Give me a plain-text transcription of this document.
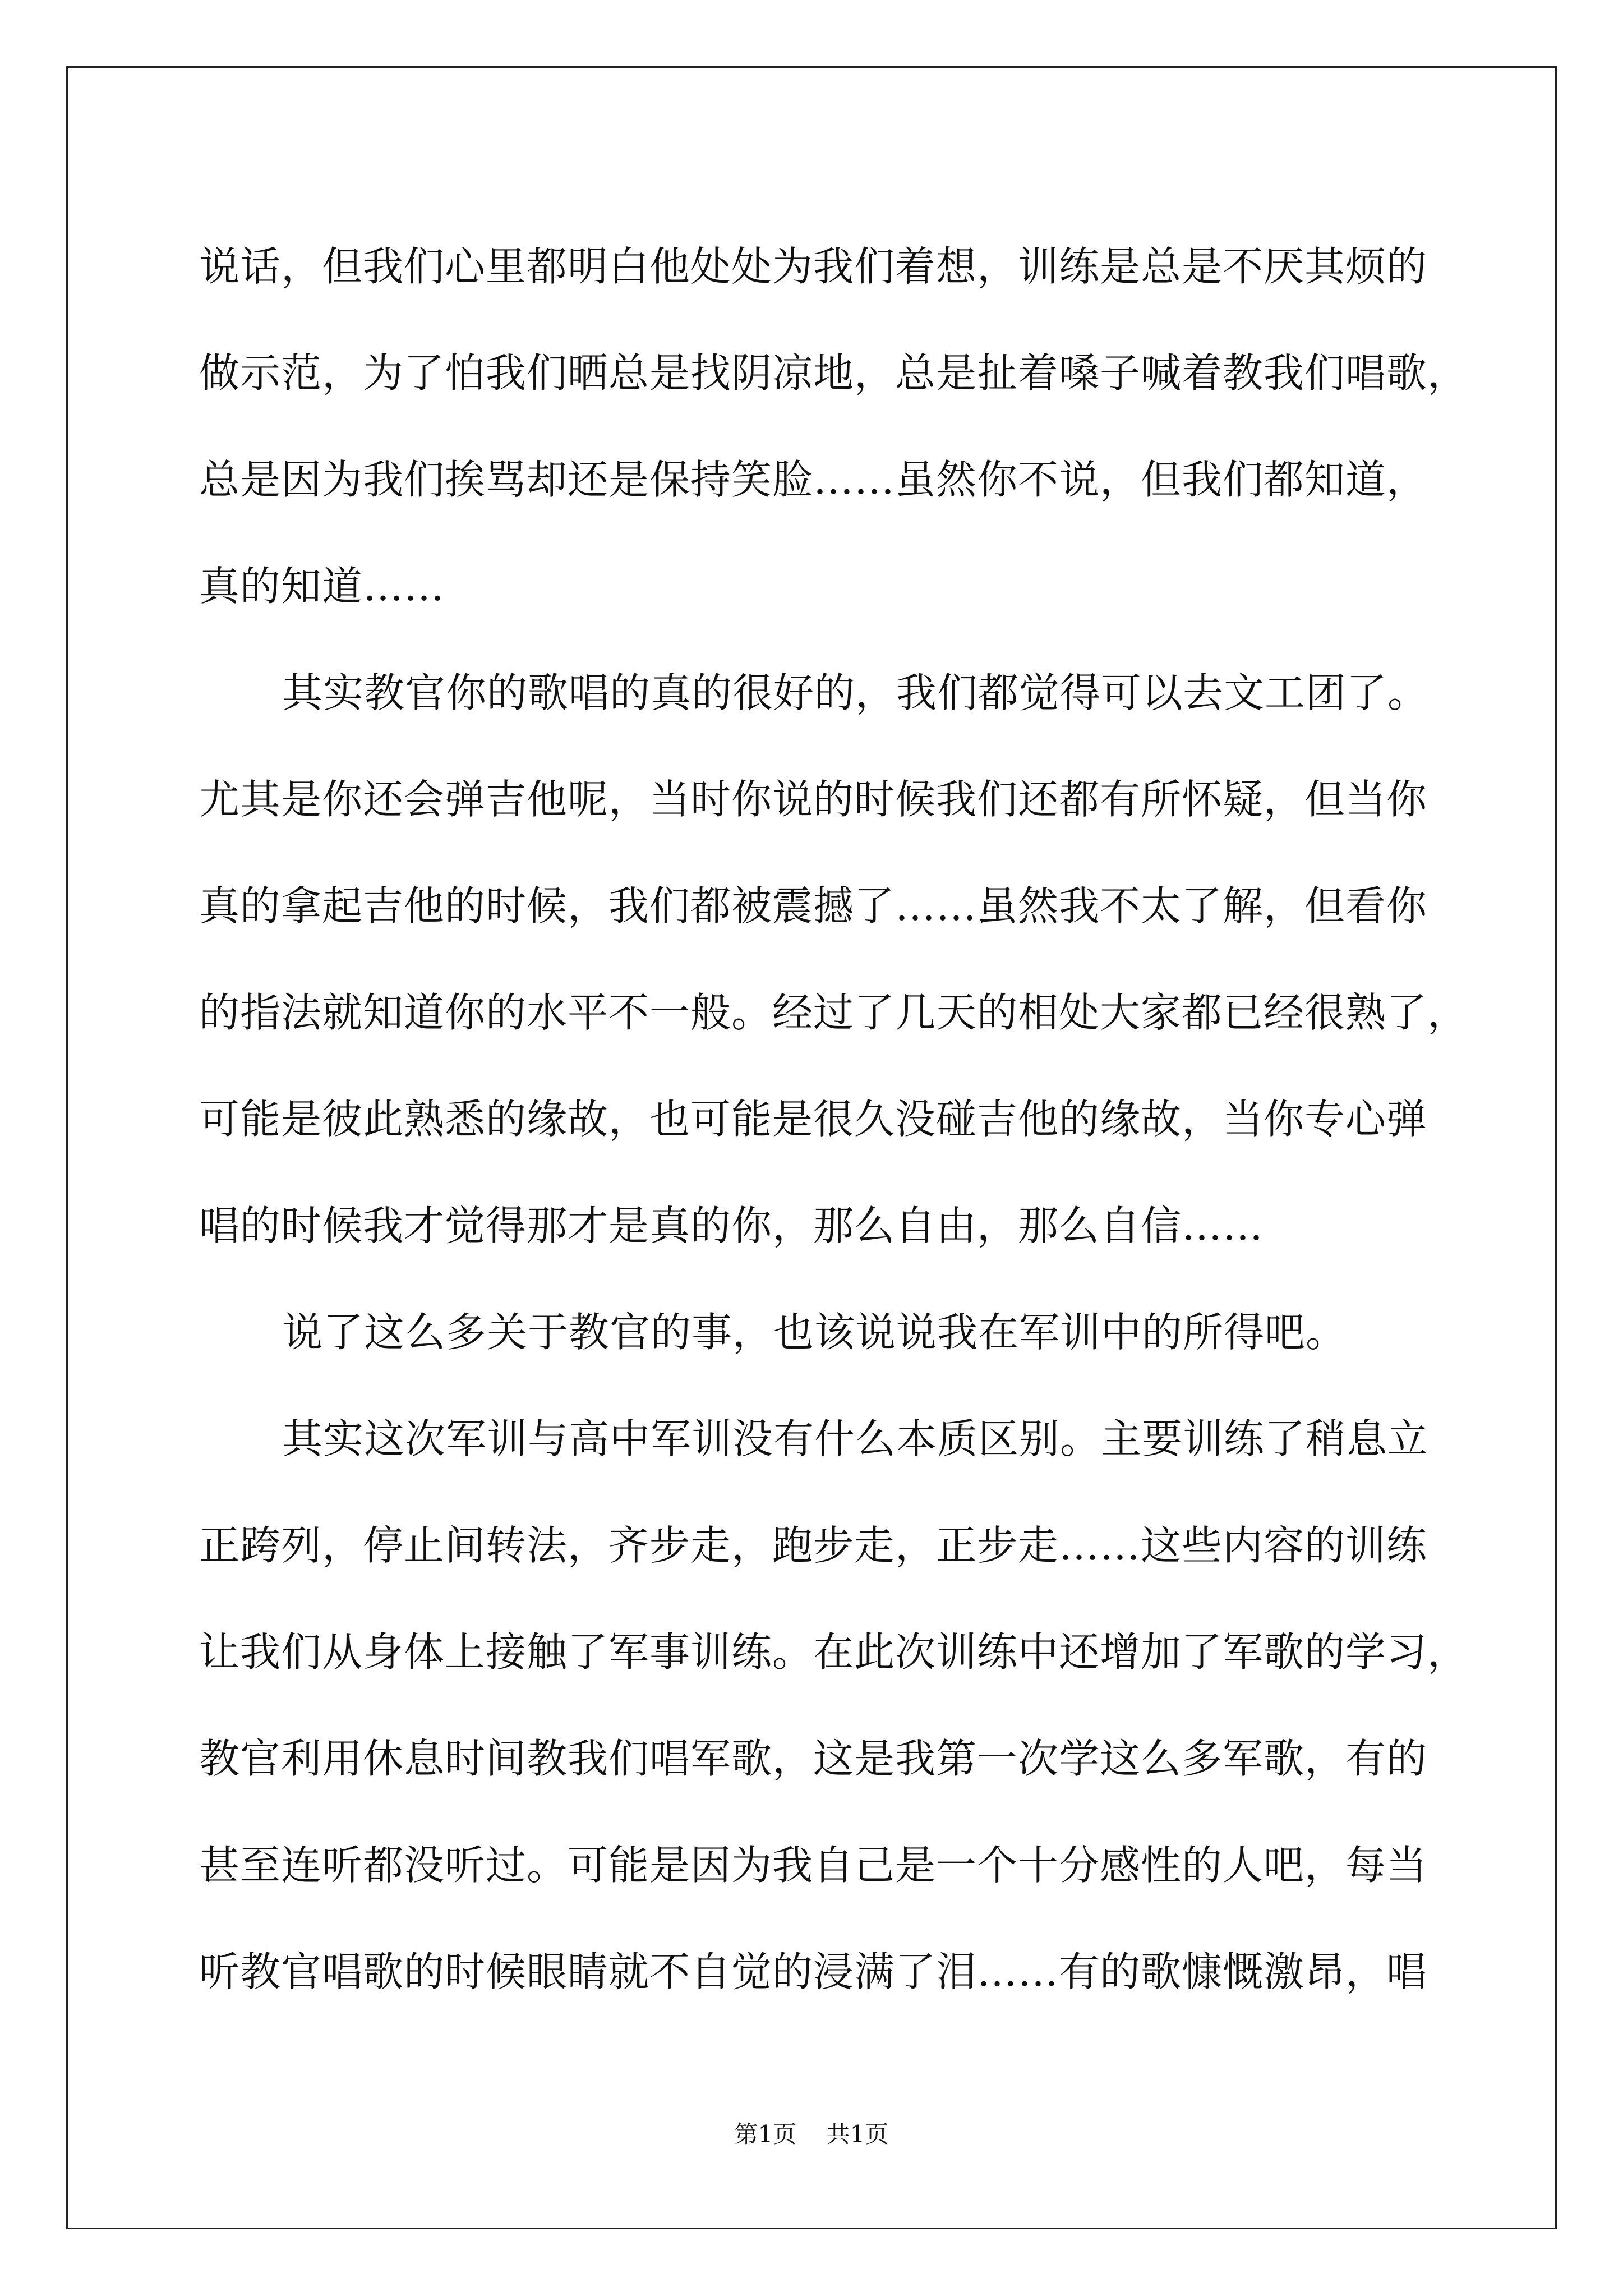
说话，但我们心里都明白他处处为我们着想，训练是总是不厌其烦的
做示范，为了怕我们晒总是找阴凉地，总是扯着嗓子喊着教我们唱歌，
总是因为我们挨骂却还是保持笑脸……虽然你不说，但我们都知道，
真的知道……
其实教官你的歌唱的真的很好的，我们都觉得可以去文工团了。
尤其是你还会弹吉他呢，当时你说的时候我们还都有所怀疑，但当你
真的拿起吉他的时候，我们都被震撼了……虽然我不太了解，但看你
的指法就知道你的水平不一般。经过了几天的相处大家都已经很熟了，
可能是彼此熟悉的缘故，也可能是很久没碰吉他的缘故，当你专心弹
唱的时候我才觉得那才是真的你，那么自由，那么自信……
说了这么多关于教官的事，也该说说我在军训中的所得吧。
其实这次军训与高中军训没有什么本质区别。主要训练了稍息立
正跨列，停止间转法，齐步走，跑步走，正步走……这些内容的训练
让我们从身体上接触了军事训练。在此次训练中还增加了军歌的学习，
教官利用休息时间教我们唱军歌，这是我第一次学这么多军歌，有的
甚至连听都没听过。可能是因为我自己是一个十分感性的人吧，每当
听教官唱歌的时候眼睛就不自觉的浸满了泪……有的歌慷慨激昂，唱
第1页 共1页
